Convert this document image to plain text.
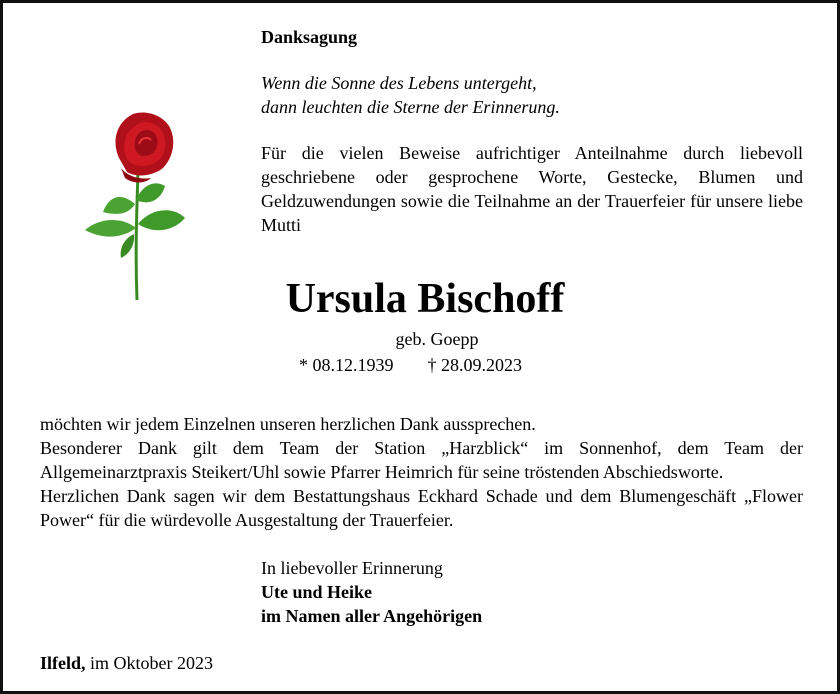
Danksagung
Wenn die Sonne des Lebens untergeht,
dann leuchten die Sterne der Erinnerung.
Für die vielen Beweise aufrichtiger Anteilnahme durch liebevoll geschriebene oder gesprochene Worte, Gestecke, Blumen und Geldzuwendungen sowie die Teilnahme an der Trauerfeier für unsere liebe Mutti
Ursula Bischoff
geb. Goepp
* 08.12.1939 † 28.09.2023

möchten wir jedem Einzelnen unseren herzlichen Dank aussprechen.

Besonderer Dank gilt dem Team der Station „Harzblick“ im Sonnenhof, dem Team der Allgemeinarztpraxis Steikert/Uhl sowie Pfarrer Heimrich für seine tröstenden Abschiedsworte.

Herzlichen Dank sagen wir dem Bestattungshaus Eckhard Schade und dem Blumengeschäft „Flower Power“ für die würdevolle Ausgestaltung der Trauerfeier.

In liebevoller Erinnerung
Ute und Heike
im Namen aller Angehörigen
Ilfeld, im Oktober 2023
